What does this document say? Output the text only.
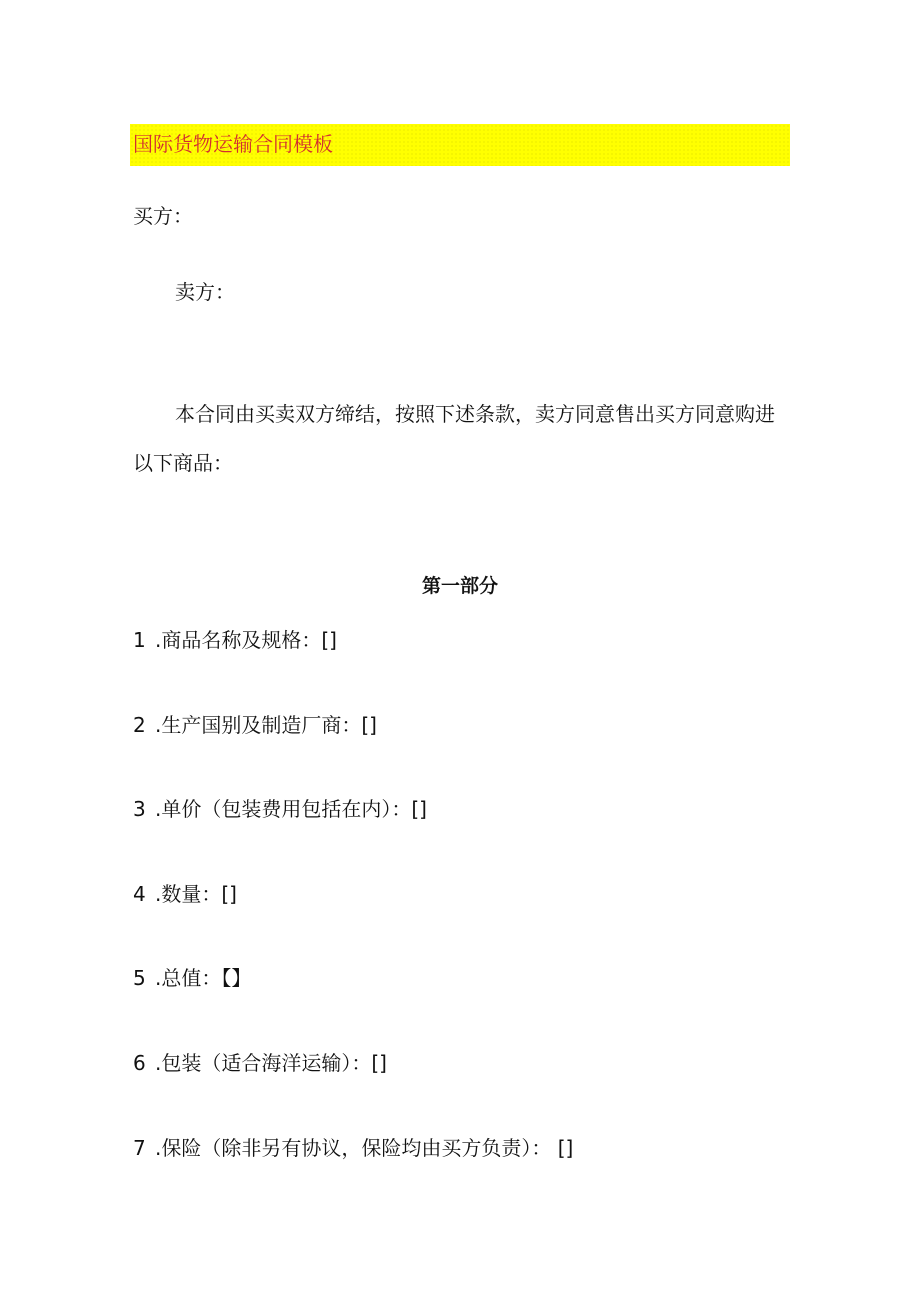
国际货物运输合同模板
买方：
卖方：
本合同由买卖双方缔结，按照下述条款，卖方同意售出买方同意购进
以下商品：
第一部分
1 .商品名称及规格：[]
2 .生产国别及制造厂商：[]
3 .单价（包装费用包括在内）：[]
4 .数量：[]
5 .总值：【】
6 .包装（适合海洋运输）：[]
7 .保险（除非另有协议，保险均由买方负责）： []
